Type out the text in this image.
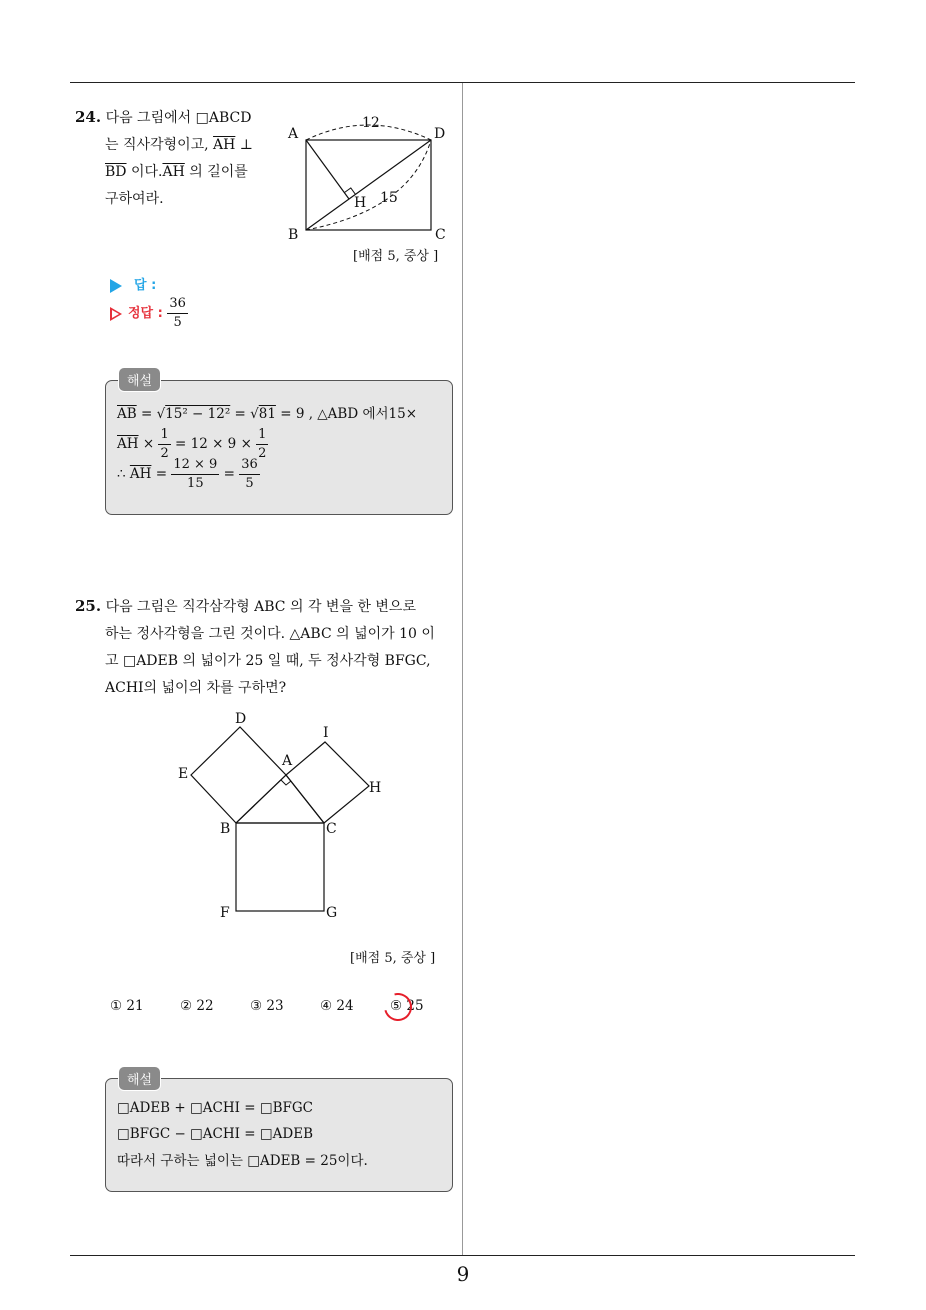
24. 다음 그림에서 □ABCD
는 직사각형이고, $\overline{AH}$ ⊥
$\overline{BD}$ 이다$.\overline{AH}$ 의 길이를
구하여라.
A	D
B	C
H
12
15
[배점 5, 중상 ]
답 :
정답 : $\frac{36}{5}$
해설
$\overline{AB} = √15^2 - 12^2 = √81 = 9$ , △ABD 에서15×
$\overline{AH} \times \frac{1}{2} = 12 \times 9 \times \frac{1}{2}$
∴ $\overline{AH} = \frac{12 \times 9}{15} = \frac{36}{5}$
25. 다음 그림은 직각삼각형 ABC 의 각 변을 한 변으로
하는 정사각형을 그린 것이다. △ABC 의 넓이가 10 이
고 □ADEB 의 넓이가 25 일 때, 두 정사각형 BFGC,
ACHI의 넓이의 차를 구하면?
D
E
A
I
H
B	C
F	G
[배점 5, 중상 ]
① 21	② 22	③ 23	④ 24	⑤ 25
해설
□ADEB + □ACHI = □BFGC
□BFGC − □ACHI = □ADEB
따라서 구하는 넓이는 □ADEB = 25이다.
9
